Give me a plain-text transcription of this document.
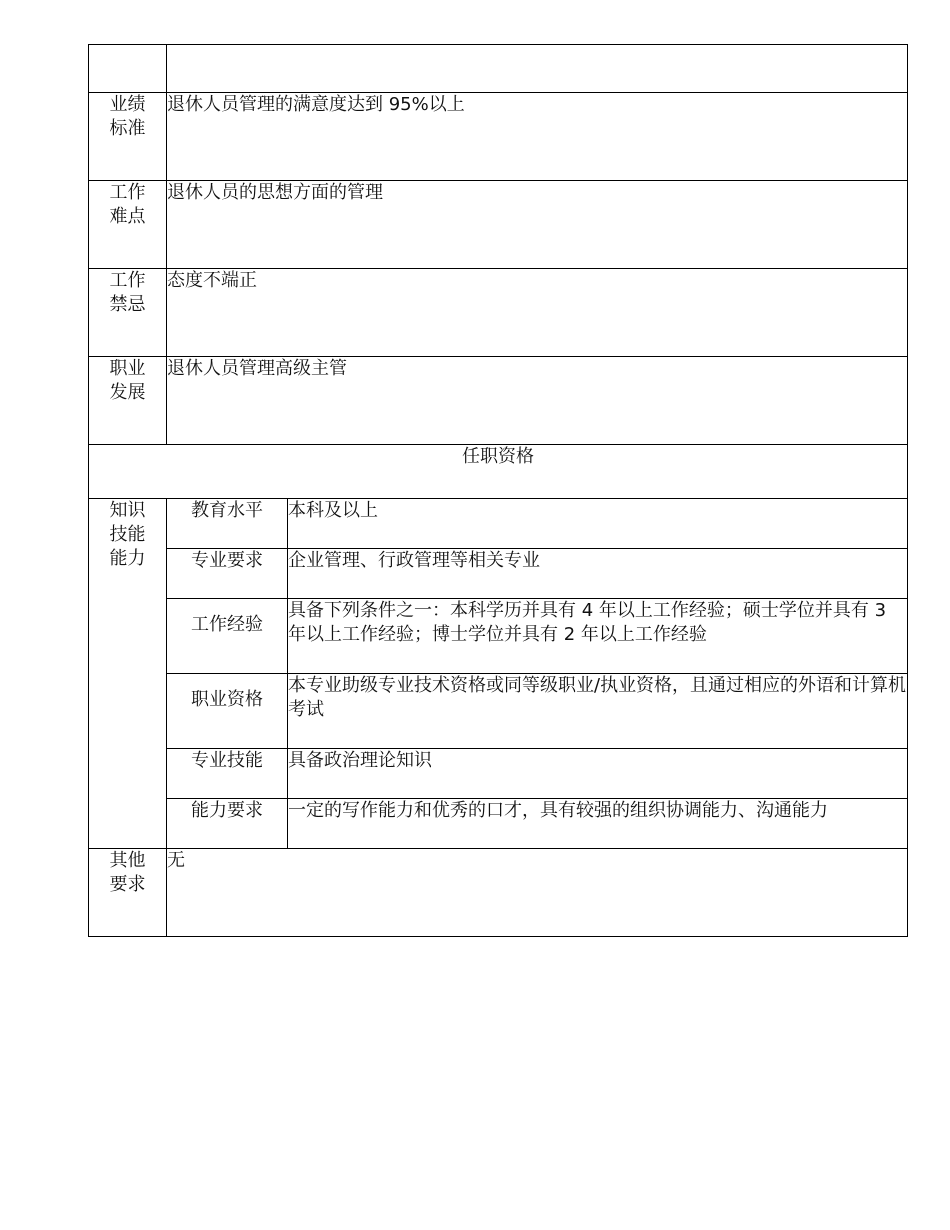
业绩标准	退休人员管理的满意度达到 95%以上	
工作难点	退休人员的思想方面的管理	
工作禁忌	态度不端正	
职业发展	退休人员管理高级主管	
任职资格		
知识技能能力	教育水平	本科及以上
	专业要求	企业管理、行政管理等相关专业
	工作经验	具备下列条件之一：本科学历并具有 4 年以上工作经验；硕士学位并具有 3 年以上工作经验；博士学位并具有 2 年以上工作经验
	职业资格	本专业助级专业技术资格或同等级职业/执业资格，且通过相应的外语和计算机考试
	专业技能	具备政治理论知识
	能力要求	一定的写作能力和优秀的口才，具有较强的组织协调能力、沟通能力
其他要求	无	
